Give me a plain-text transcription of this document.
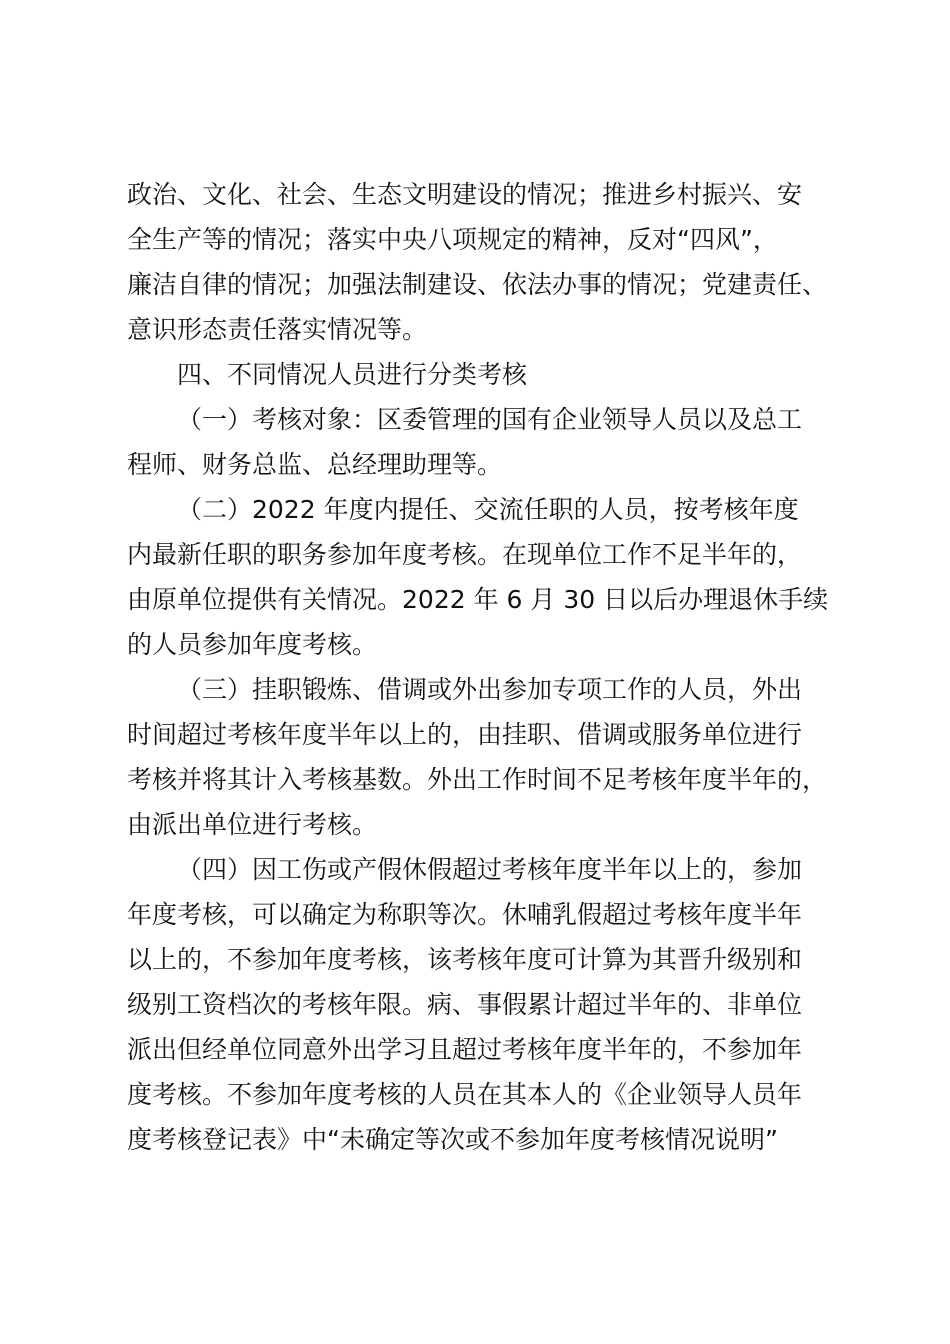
政治、文化、社会、生态文明建设的情况；推进乡村振兴、安
全生产等的情况；落实中央八项规定的精神，反对“四风”，
廉洁自律的情况；加强法制建设、依法办事的情况；党建责任、
意识形态责任落实情况等。
四、不同情况人员进行分类考核
（一）考核对象：区委管理的国有企业领导人员以及总工
程师、财务总监、总经理助理等。
（二）2022 年度内提任、交流任职的人员，按考核年度
内最新任职的职务参加年度考核。在现单位工作不足半年的，
由原单位提供有关情况。2022 年 6 月 30 日以后办理退休手续
的人员参加年度考核。
（三）挂职锻炼、借调或外出参加专项工作的人员，外出
时间超过考核年度半年以上的，由挂职、借调或服务单位进行
考核并将其计入考核基数。外出工作时间不足考核年度半年的，
由派出单位进行考核。
（四）因工伤或产假休假超过考核年度半年以上的，参加
年度考核，可以确定为称职等次。休哺乳假超过考核年度半年
以上的，不参加年度考核，该考核年度可计算为其晋升级别和
级别工资档次的考核年限。病、事假累计超过半年的、非单位
派出但经单位同意外出学习且超过考核年度半年的，不参加年
度考核。不参加年度考核的人员在其本人的《企业领导人员年
度考核登记表》中“未确定等次或不参加年度考核情况说明”
